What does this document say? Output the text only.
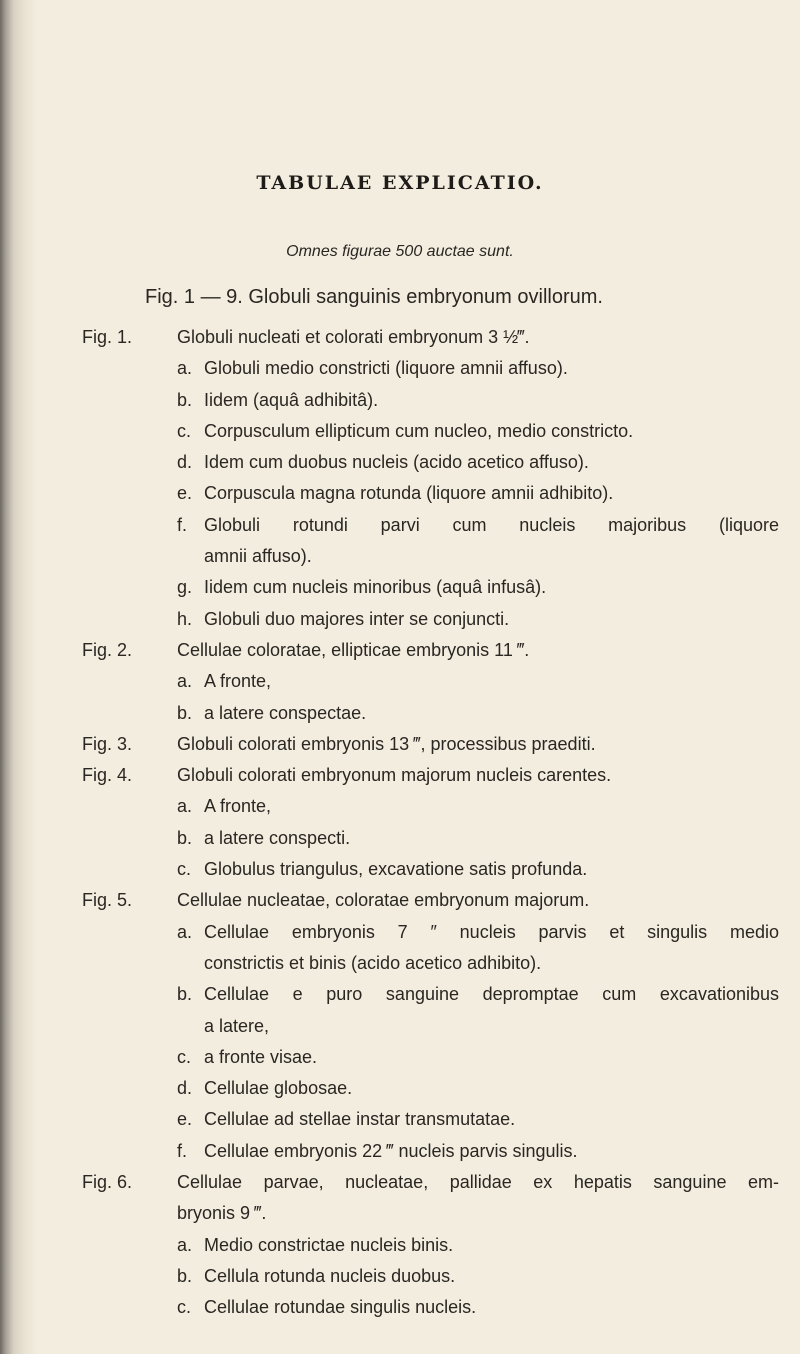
TABULAE EXPLICATIO.
Omnes figurae 500 auctae sunt.
Fig. 1 — 9. Globuli sanguinis embryonum ovillorum.
Fig. 1.	Globuli nucleati et colorati embryonum 3 ½‴.
a. Globuli medio constricti (liquore amnii affuso).
b. Iidem (aquâ adhibitâ).
c. Corpusculum ellipticum cum nucleo, medio constricto.
d. Idem cum duobus nucleis (acido acetico affuso).
e. Corpuscula magna rotunda (liquore amnii adhibito).
f. Globuli rotundi parvi cum nucleis majoribus (liquore
amnii affuso).
g. Iidem cum nucleis minoribus (aquâ infusâ).
h. Globuli duo majores inter se conjuncti.
Fig. 2.	Cellulae coloratae, ellipticae embryonis 11 ‴.
a. A fronte,
b. a latere conspectae.
Fig. 3.	Globuli colorati embryonis 13 ‴, processibus praediti.
Fig. 4.	Globuli colorati embryonum majorum nucleis carentes.
a. A fronte,
b. a latere conspecti.
c. Globulus triangulus, excavatione satis profunda.
Fig. 5.	Cellulae nucleatae, coloratae embryonum majorum.
a. Cellulae embryonis 7 ″ nucleis parvis et singulis medio
constrictis et binis (acido acetico adhibito).
b. Cellulae e puro sanguine depromptae cum excavationibus
a latere,
c. a fronte visae.
d. Cellulae globosae.
e. Cellulae ad stellae instar transmutatae.
f. Cellulae embryonis 22 ‴ nucleis parvis singulis.
Fig. 6.	Cellulae parvae, nucleatae, pallidae ex hepatis sanguine em-
bryonis 9 ‴.
a. Medio constrictae nucleis binis.
b. Cellula rotunda nucleis duobus.
c. Cellulae rotundae singulis nucleis.
